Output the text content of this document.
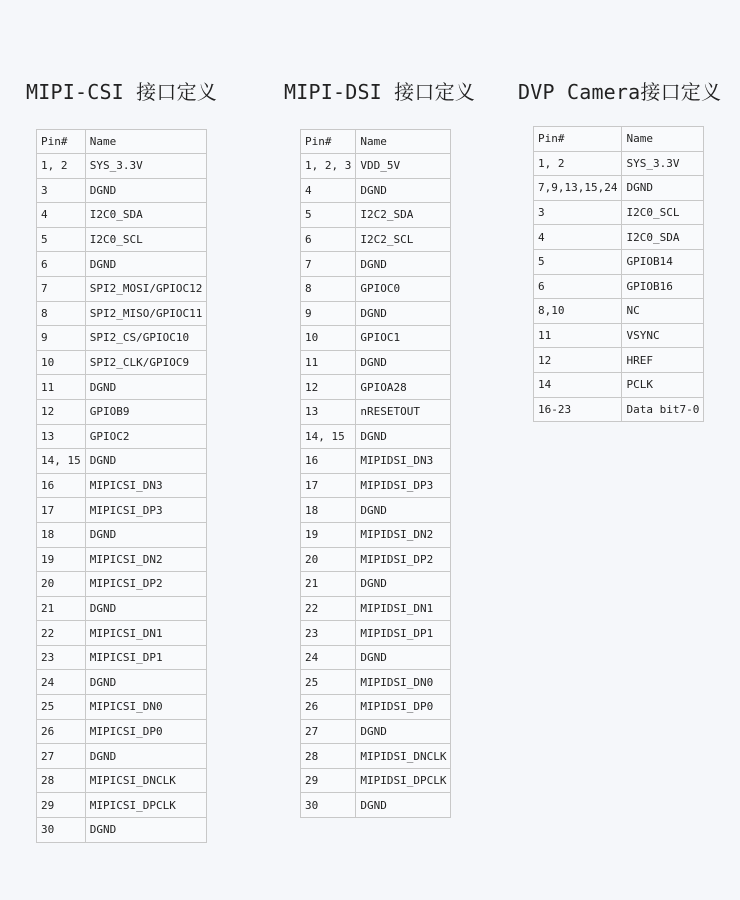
MIPI-CSI 接口定义	MIPI-DSI 接口定义 DVP Camera接口定义
Pin#	Name
1, 2	SYS_3.3V
3	DGND
4	I2C0_SDA
5	I2C0_SCL
6	DGND
7	SPI2_MOSI/GPIOC12
8	SPI2_MISO/GPIOC11
9	SPI2_CS/GPIOC10
10	SPI2_CLK/GPIOC9
11	DGND
12	GPIOB9
13	GPIOC2
14, 15	DGND
16	MIPICSI_DN3
17	MIPICSI_DP3
18	DGND
19	MIPICSI_DN2
20	MIPICSI_DP2
21	DGND
22	MIPICSI_DN1
23	MIPICSI_DP1
24	DGND
25	MIPICSI_DN0
26	MIPICSI_DP0
27	DGND
28	MIPICSI_DNCLK
29	MIPICSI_DPCLK
30	DGND
Pin#	Name
1, 2, 3	VDD_5V
4	DGND
5	I2C2_SDA
6	I2C2_SCL
7	DGND
8	GPIOC0
9	DGND
10	GPIOC1
11	DGND
12	GPIOA28
13	nRESETOUT
14, 15	DGND
16	MIPIDSI_DN3
17	MIPIDSI_DP3
18	DGND
19	MIPIDSI_DN2
20	MIPIDSI_DP2
21	DGND
22	MIPIDSI_DN1
23	MIPIDSI_DP1
24	DGND
25	MIPIDSI_DN0
26	MIPIDSI_DP0
27	DGND
28	MIPIDSI_DNCLK
29	MIPIDSI_DPCLK
30	DGND
Pin#	Name
1, 2	SYS_3.3V
7,9,13,15,24	DGND
3	I2C0_SCL
4	I2C0_SDA
5	GPIOB14
6	GPIOB16
8,10	NC
11	VSYNC
12	HREF
14	PCLK
16-23	Data bit7-0
